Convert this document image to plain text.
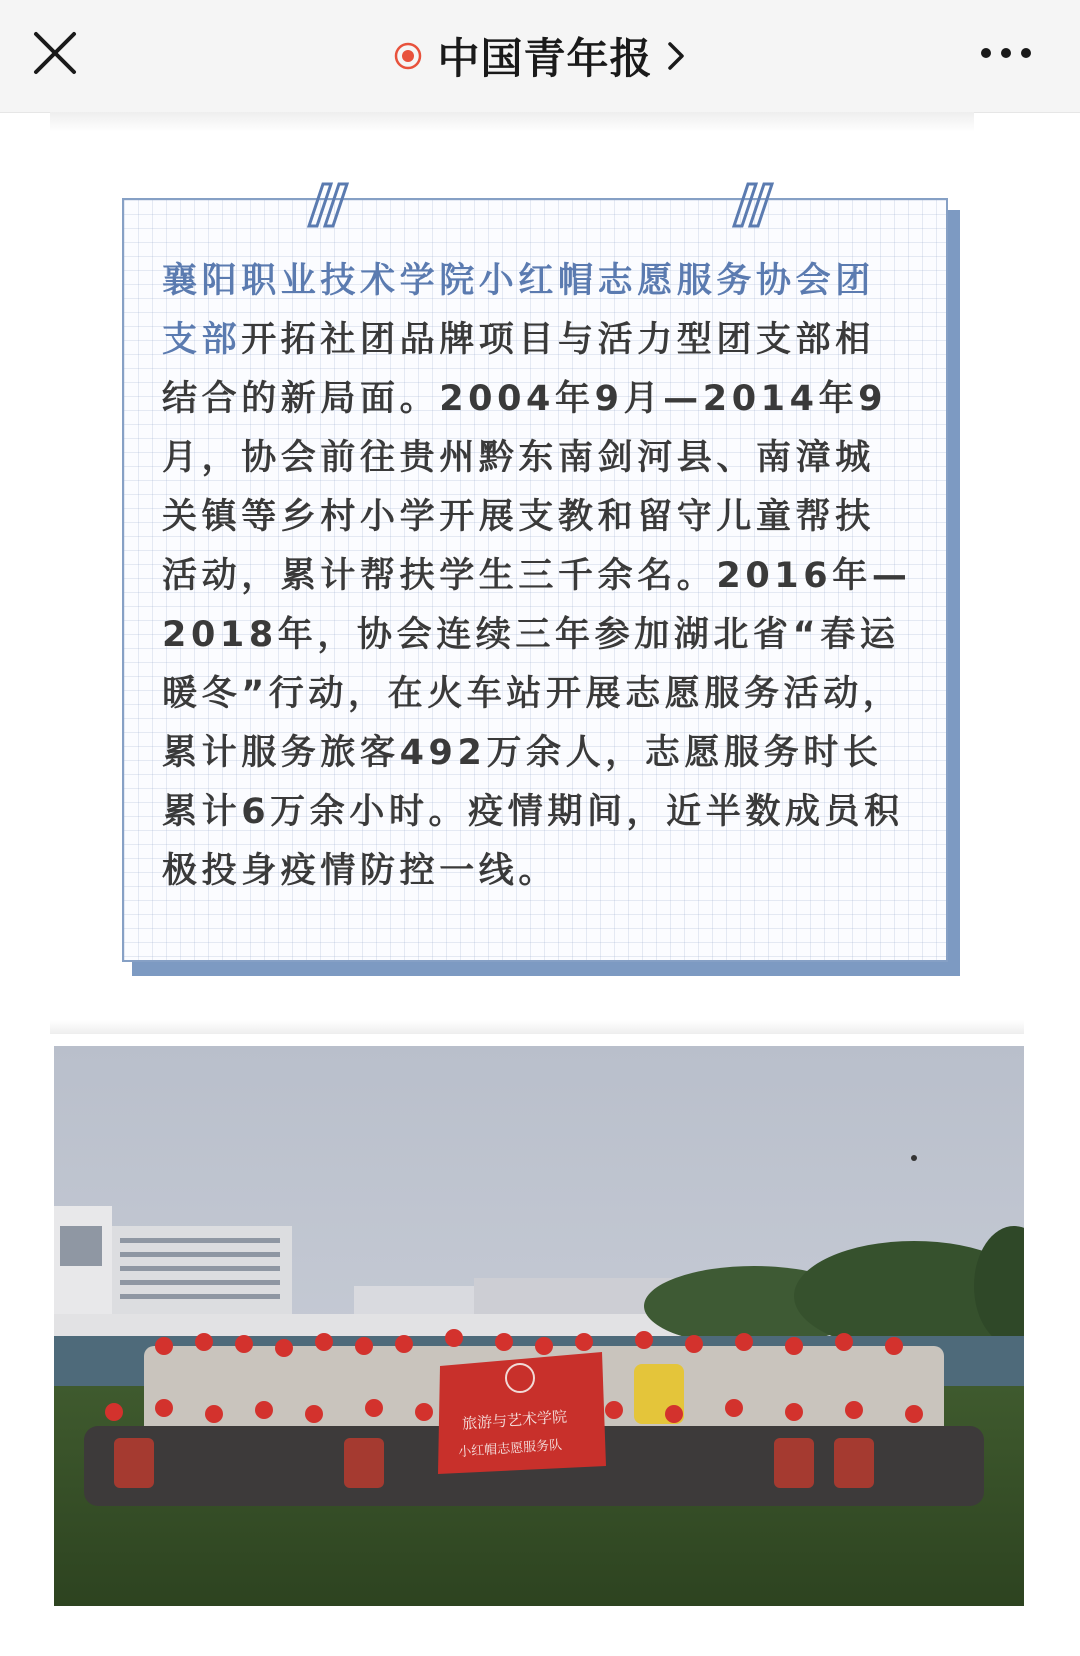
中国青年报

襄阳职业技术学院小红帽志愿服务协会团支部开拓社团品牌项目与活力型团支部相结合的新局面。2004年9月—2014年9月，协会前往贵州黔东南剑河县、南漳城关镇等乡村小学开展支教和留守儿童帮扶活动，累计帮扶学生三千余名。2016年—2018年，协会连续三年参加湖北省“春运暖冬”行动，在火车站开展志愿服务活动，累计服务旅客492万余人，志愿服务时长累计6万余小时。疫情期间，近半数成员积极投身疫情防控一线。

旅游与艺术学院
小红帽志愿服务队
